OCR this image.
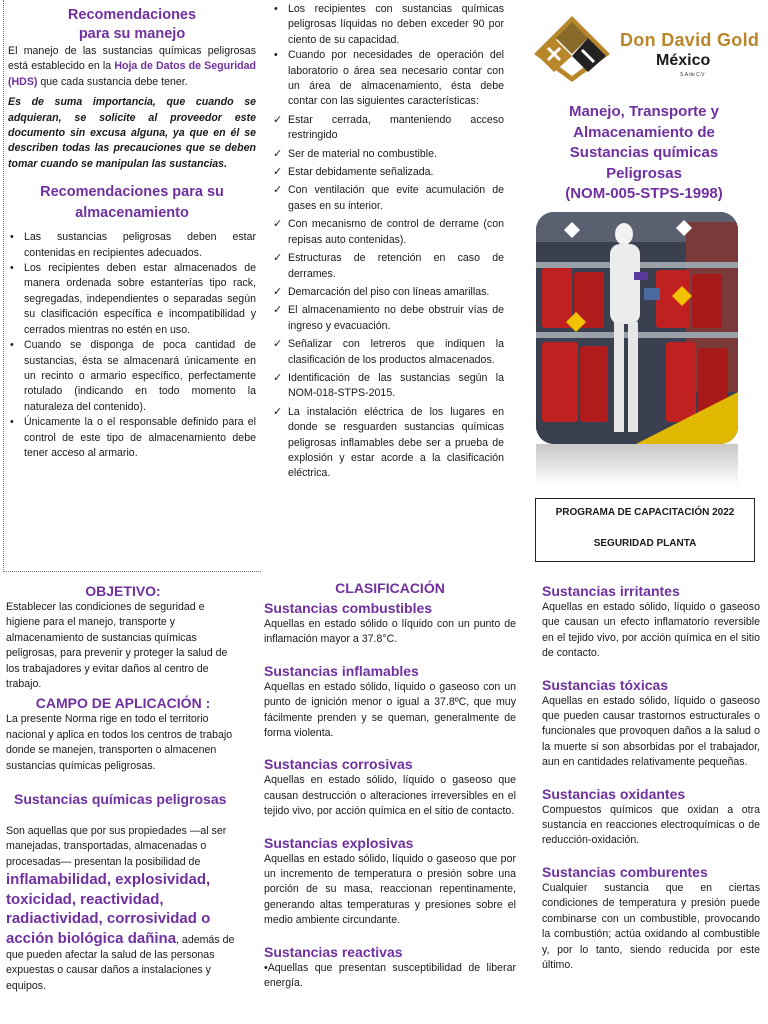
Recomendaciones
para su manejo

El manejo de las sustancias químicas peligrosas está establecido en la Hoja de Datos de Seguridad (HDS) que cada sustancia debe tener.

Es de suma importancia, que cuando se adquieran, se solicite al proveedor este documento sin excusa alguna, ya que en él se describen todas las precauciones que se deben tomar cuando se manipulan las sustancias.

Recomendaciones para su almacenamiento
• Las sustancias peligrosas deben estar contenidas en recipientes adecuados.
• Los recipientes deben estar almacenados de manera ordenada sobre estanterías tipo rack, segregadas, independientes o separadas según su clasificación específica e incompatibilidad y cerrados mientras no estén en uso.
• Cuando se disponga de poca cantidad de sustancias, ésta se almacenará únicamente en un recinto o armario específico, perfectamente rotulado (indicando en todo momento la naturaleza del contenido).
• Únicamente la o el responsable definido para el control de este tipo de almacenamiento debe tener acceso al armario.
• Los recipientes con sustancias químicas peligrosas líquidas no deben exceder 90 por ciento de su capacidad.
• Cuando por necesidades de operación del laboratorio o área sea necesario contar con un área de almacenamiento, ésta debe contar con las siguientes características:
✓ Estar cerrada, manteniendo acceso restringido
✓ Ser de material no combustible.
✓ Estar debidamente señalizada.
✓ Con ventilación que evite acumulación de gases en su interior.
✓ Con mecanismo de control de derrame (con repisas auto contenidas).
✓ Estructuras de retención en caso de derrames.
✓ Demarcación del piso con líneas amarillas.
✓ El almacenamiento no debe obstruir vías de ingreso y evacuación.
✓ Señalizar con letreros que indiquen la clasificación de los productos almacenados.
✓ Identificación de las sustancias según la NOM-018-STPS-2015.
✓ La instalación eléctrica de los lugares en donde se resguarden sustancias químicas peligrosas inflamables debe ser a prueba de explosión y estar acorde a la clasificación eléctrica.
Don David Gold
México
S.A de C.V
Manejo, Transporte y
Almacenamiento de
Sustancias químicas
Peligrosas
(NOM-005-STPS-1998)
PROGRAMA DE CAPACITACIÓN 2022
SEGURIDAD PLANTA
OBJETIVO:

Establecer las condiciones de seguridad e higiene para el manejo, transporte y almacenamiento de sustancias químicas peligrosas, para prevenir y proteger la salud de los trabajadores y evitar daños al centro de trabajo.

CAMPO DE APLICACIÓN :

La presente Norma rige en todo el territorio nacional y aplica en todos los centros de trabajo donde se manejen, transporten o almacenen sustancias químicas peligrosas.

Sustancias químicas peligrosas

Son aquellas que por sus propiedades —al ser manejadas, transportadas, almacenadas o procesadas— presentan la posibilidad de inflamabilidad, explosividad, toxicidad, reactividad, radiactividad, corrosividad o acción biológica dañina, además de que pueden afectar la salud de las personas expuestas o causar daños a instalaciones y equipos.

CLASIFICACIÓN
Sustancias combustibles

Aquellas en estado sólido o líquido con un punto de inflamación mayor a 37.8°C.

Sustancias inflamables

Aquellas en estado sólido, líquido o gaseoso con un punto de ignición menor o igual a 37.8ºC, que muy fácilmente prenden y se queman, generalmente de forma violenta.

Sustancias corrosivas

Aquellas en estado sólido, líquido o gaseoso que causan destrucción o alteraciones irreversibles en el tejido vivo, por acción química en el sitio de contacto.

Sustancias explosivas

Aquellas en estado sólido, líquido o gaseoso que por un incremento de temperatura o presión sobre una porción de su masa, reaccionan repentinamente, generando altas temperaturas y presiones sobre el medio ambiente circundante.

Sustancias reactivas

•Aquellas que presentan susceptibilidad de liberar energía.

Sustancias irritantes

Aquellas en estado sólido, líquido o gaseoso que causan un efecto inflamatorio reversible en el tejido vivo, por acción química en el sitio de contacto.

Sustancias tóxicas

Aquellas en estado sólido, líquido o gaseoso que pueden causar trastornos estructurales o funcionales que provoquen daños a la salud o la muerte si son absorbidas por el trabajador, aun en cantidades relativamente pequeñas.

Sustancias oxidantes

Compuestos químicos que oxidan a otra sustancia en reacciones electroquímicas o de reducción-oxidación.

Sustancias comburentes

Cualquier sustancia que en ciertas condiciones de temperatura y presión puede combinarse con un combustible, provocando la combustión; actúa oxidando al combustible y, por lo tanto, siendo reducida por este último.
